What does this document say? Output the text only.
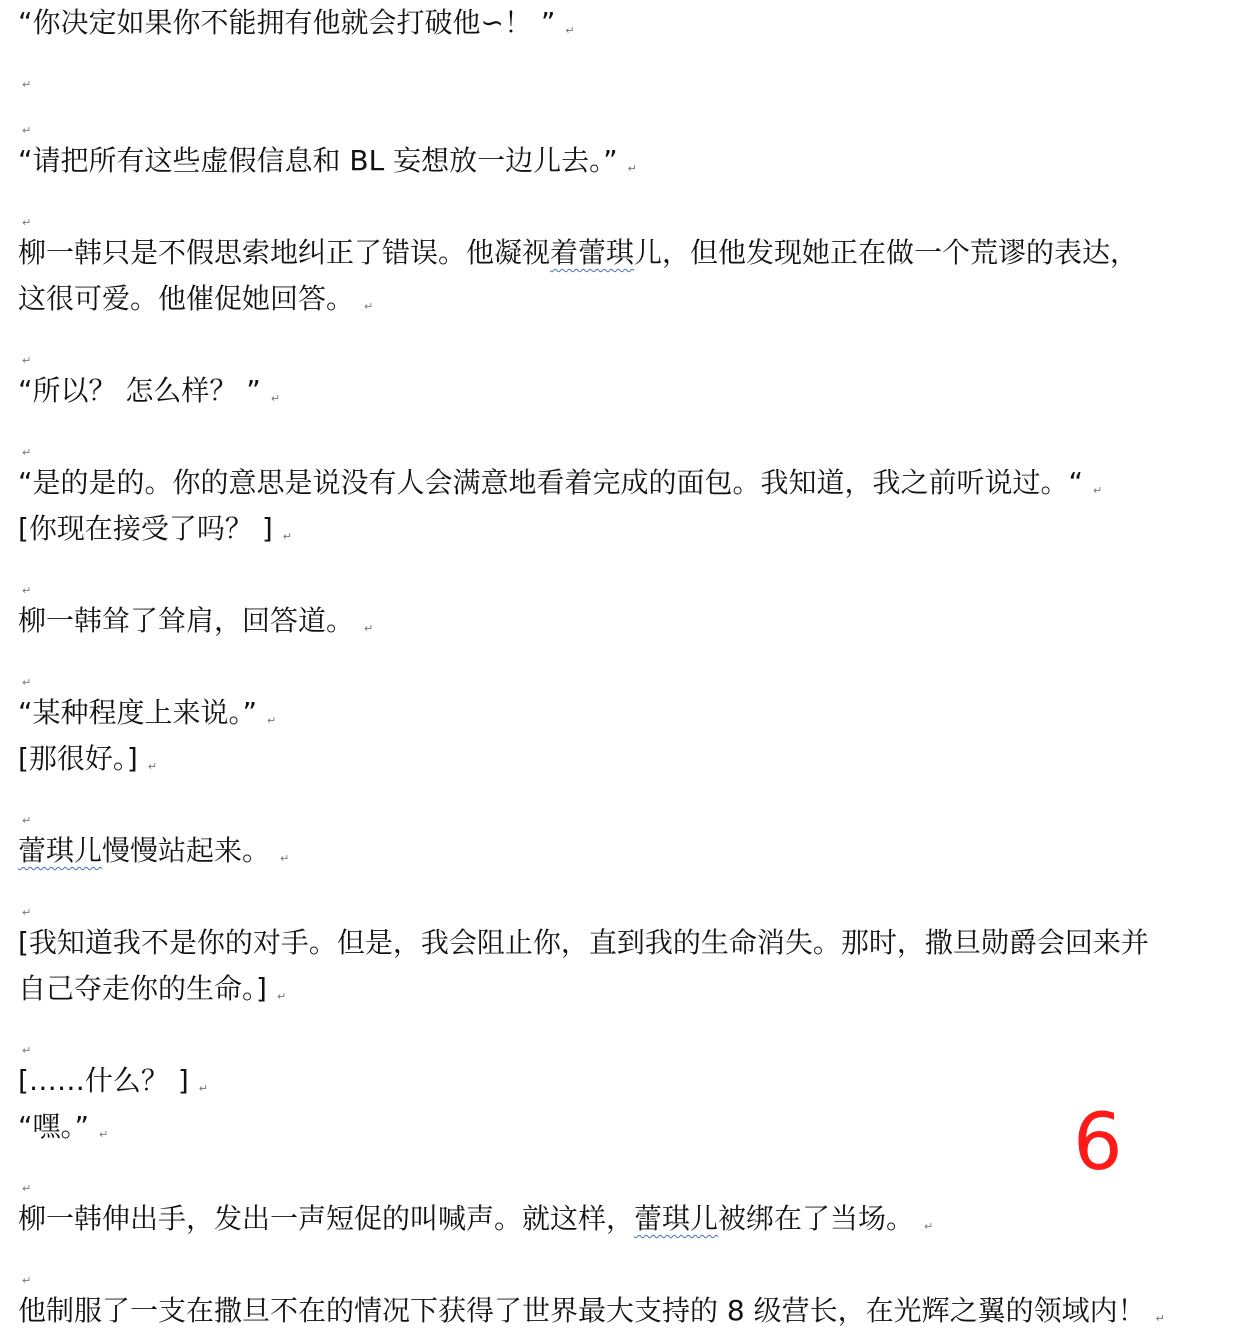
“你决定如果你不能拥有他就会打破他∽！ ” ↵
$_↵$
$_↵$
“请把所有这些虚假信息和 BL 妄想放一边儿去。” ↵
$_↵$
柳一韩只是不假思索地纠正了错误。他凝视着蕾琪儿，但他发现她正在做一个荒谬的表达，
这很可爱。他催促她回答。 ↵
$_↵$
“所以？ 怎么样？ ” ↵
$_↵$
“是的是的。你的意思是说没有人会满意地看着完成的面包。我知道，我之前听说过。“ ↵
[你现在接受了吗？ ] ↵
$_↵$
柳一韩耸了耸肩，回答道。 ↵
$_↵$
“某种程度上来说。” ↵
[那很好。] ↵
$_↵$
蕾琪儿慢慢站起来。 ↵
$_↵$
[我知道我不是你的对手。但是，我会阻止你，直到我的生命消失。那时，撒旦勋爵会回来并
自己夺走你的生命。] ↵
$_↵$
[……什么？ ] ↵
“嘿。” ↵
$_↵$
柳一韩伸出手，发出一声短促的叫喊声。就这样，蕾琪儿被绑在了当场。 ↵
$_↵$
他制服了一支在撒旦不在的情况下获得了世界最大支持的 8 级营长，在光辉之翼的领域内！ ↵
6
